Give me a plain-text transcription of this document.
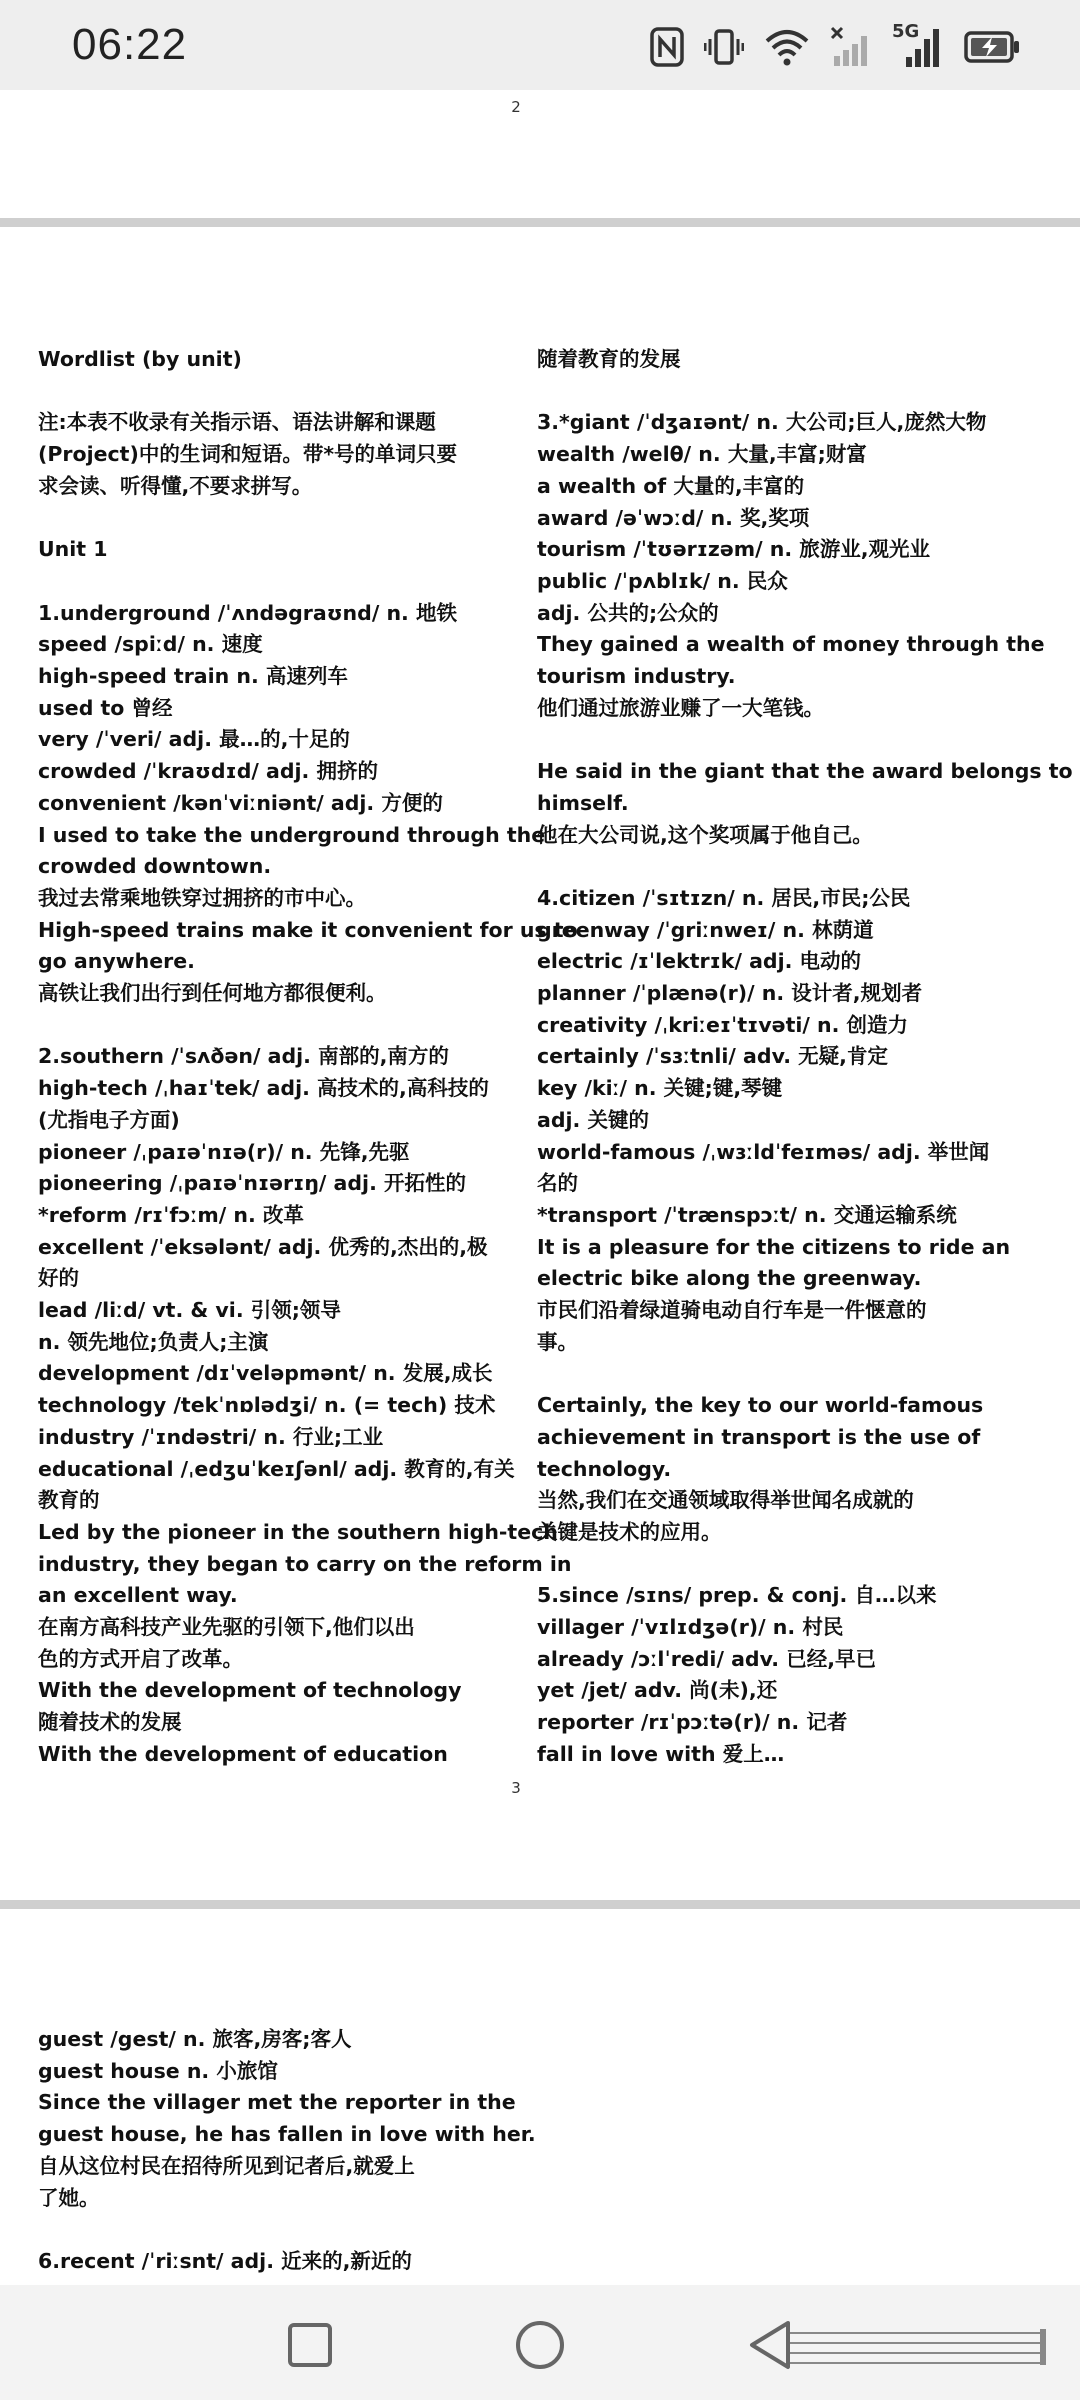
06:22	5G
2
Wordlist (by unit)
注:本表不收录有关指示语、语法讲解和课题
(Project)中的生词和短语。带*号的单词只要
求会读、听得懂,不要求拼写。
Unit 1
1.underground /ˈʌndəgraʊnd/ n. 地铁
speed /spiːd/ n. 速度
high-speed train n. 高速列车
used to 曾经
very /ˈveri/ adj. 最…的,十足的
crowded /ˈkraʊdɪd/ adj. 拥挤的
convenient /kənˈviːniənt/ adj. 方便的
I used to take the underground through the
crowded downtown.
我过去常乘地铁穿过拥挤的市中心。
High-speed trains make it convenient for us to
go anywhere.
高铁让我们出行到任何地方都很便利。
2.southern /ˈsʌðən/ adj. 南部的,南方的
high-tech /ˌhaɪˈtek/ adj. 高技术的,高科技的
(尤指电子方面)
pioneer /ˌpaɪəˈnɪə(r)/ n. 先锋,先驱
pioneering /ˌpaɪəˈnɪərɪŋ/ adj. 开拓性的
*reform /rɪˈfɔːm/ n. 改革
excellent /ˈeksələnt/ adj. 优秀的,杰出的,极
好的
lead /liːd/ vt. & vi. 引领;领导
n. 领先地位;负责人;主演
development /dɪˈveləpmənt/ n. 发展,成长
technology /tekˈnɒlədʒi/ n. (= tech) 技术
industry /ˈɪndəstri/ n. 行业;工业
educational /ˌedʒuˈkeɪʃənl/ adj. 教育的,有关
教育的
Led by the pioneer in the southern high-tech
industry, they began to carry on the reform in
an excellent way.
在南方高科技产业先驱的引领下,他们以出
色的方式开启了改革。
With the development of technology
随着技术的发展
With the development of education
随着教育的发展
3.*giant /ˈdʒaɪənt/ n. 大公司;巨人,庞然大物
wealth /welθ/ n. 大量,丰富;财富
a wealth of 大量的,丰富的
award /əˈwɔːd/ n. 奖,奖项
tourism /ˈtʊərɪzəm/ n. 旅游业,观光业
public /ˈpʌblɪk/ n. 民众
adj. 公共的;公众的
They gained a wealth of money through the
tourism industry.
他们通过旅游业赚了一大笔钱。
He said in the giant that the award belongs to
himself.
他在大公司说,这个奖项属于他自己。
4.citizen /ˈsɪtɪzn/ n. 居民,市民;公民
greenway /ˈgriːnweɪ/ n. 林荫道
electric /ɪˈlektrɪk/ adj. 电动的
planner /ˈplænə(r)/ n. 设计者,规划者
creativity /ˌkriːeɪˈtɪvəti/ n. 创造力
certainly /ˈsɜːtnli/ adv. 无疑,肯定
key /kiː/ n. 关键;键,琴键
adj. 关键的
world-famous /ˌwɜːldˈfeɪməs/ adj. 举世闻
名的
*transport /ˈtrænspɔːt/ n. 交通运输系统
It is a pleasure for the citizens to ride an
electric bike along the greenway.
市民们沿着绿道骑电动自行车是一件惬意的
事。
Certainly, the key to our world-famous
achievement in transport is the use of
technology.
当然,我们在交通领域取得举世闻名成就的
关键是技术的应用。
5.since /sɪns/ prep. & conj. 自…以来
villager /ˈvɪlɪdʒə(r)/ n. 村民
already /ɔːlˈredi/ adv. 已经,早已
yet /jet/ adv. 尚(未),还
reporter /rɪˈpɔːtə(r)/ n. 记者
fall in love with 爱上…
3
guest /gest/ n. 旅客,房客;客人
guest house n. 小旅馆
Since the villager met the reporter in the
guest house, he has fallen in love with her.
自从这位村民在招待所见到记者后,就爱上
了她。
6.recent /ˈriːsnt/ adj. 近来的,新近的
